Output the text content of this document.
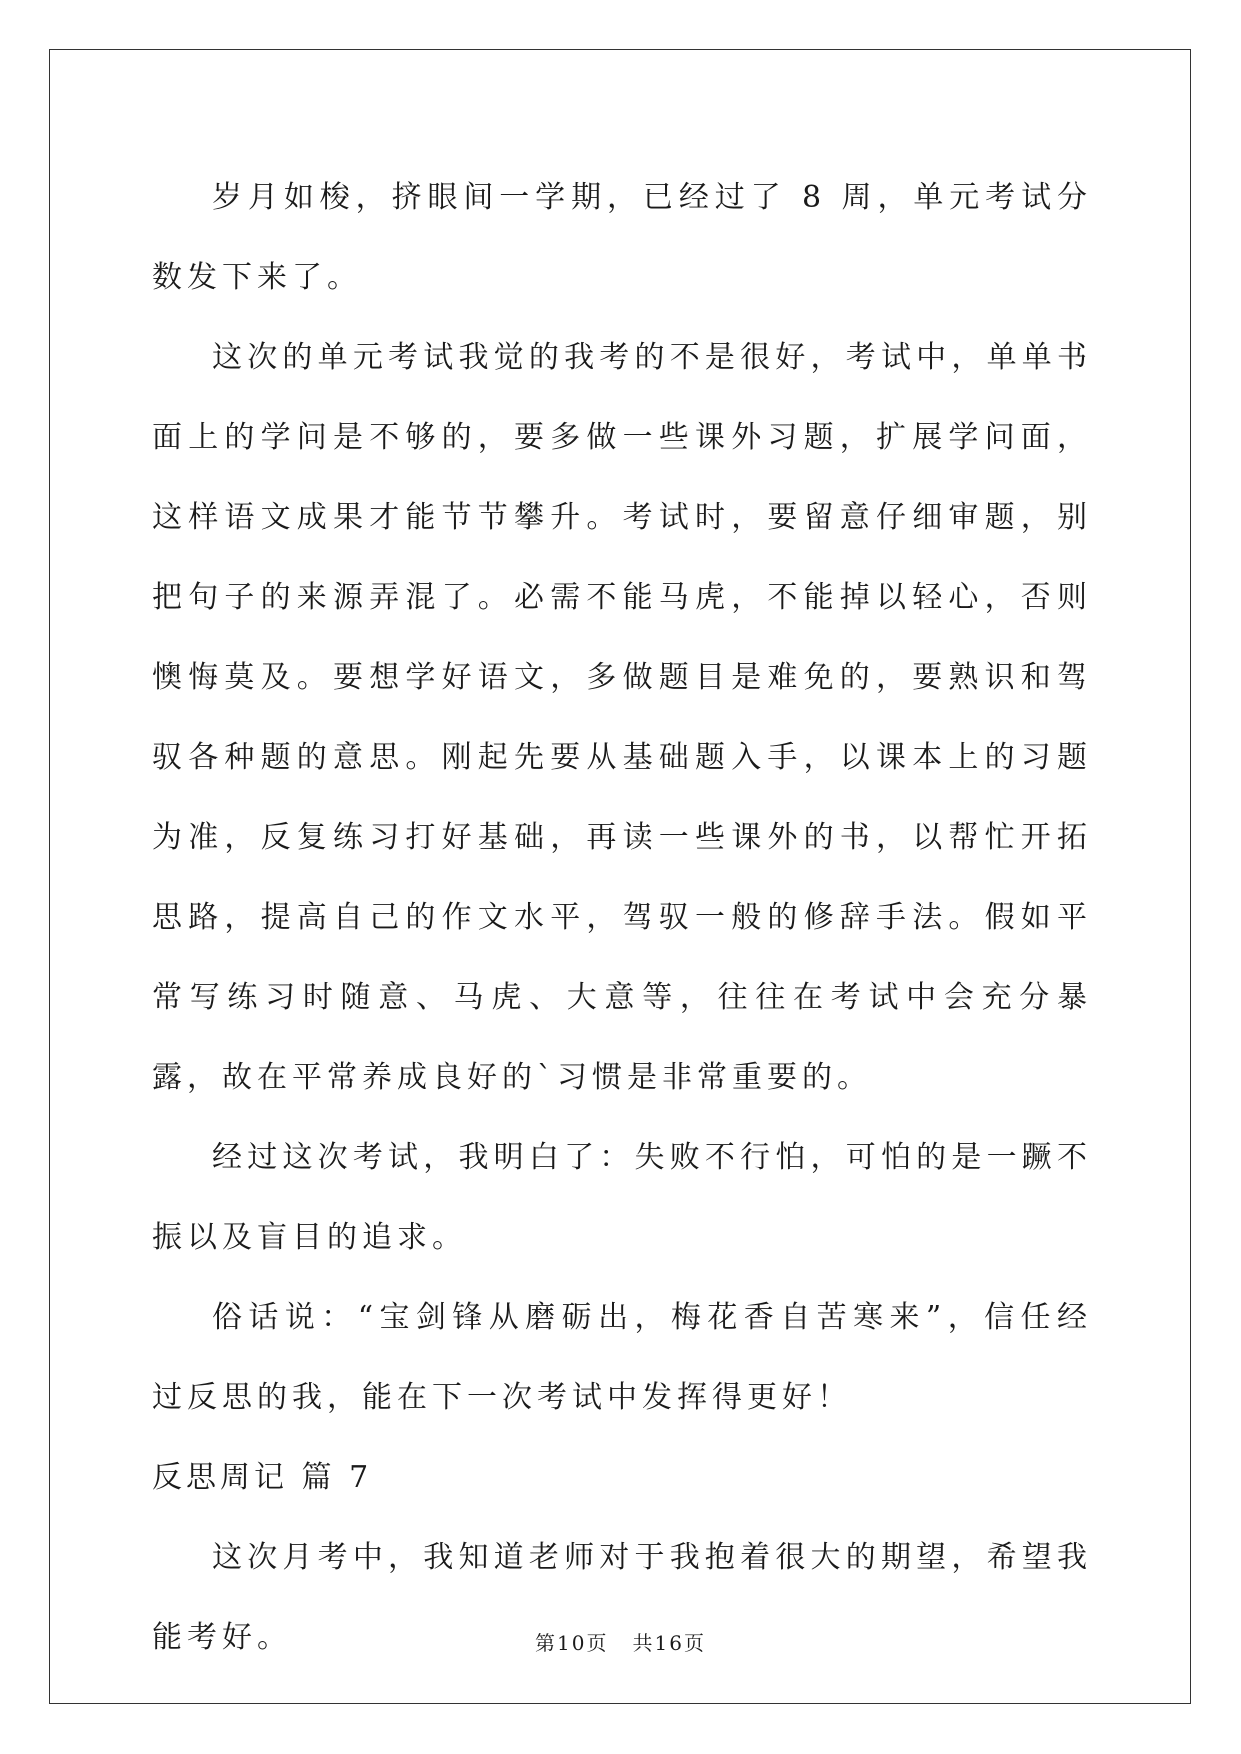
岁月如梭，挤眼间一学期，已经过了 8 周，单元考试分数发下来了。

这次的单元考试我觉的我考的不是很好，考试中，单单书面上的学问是不够的，要多做一些课外习题，扩展学问面，这样语文成果才能节节攀升。考试时，要留意仔细审题，别把句子的来源弄混了。必需不能马虎，不能掉以轻心，否则懊悔莫及。要想学好语文，多做题目是难免的，要熟识和驾驭各种题的意思。刚起先要从基础题入手，以课本上的习题为准，反复练习打好基础，再读一些课外的书，以帮忙开拓思路，提高自己的作文水平，驾驭一般的修辞手法。假如平常写练习时随意、马虎、大意等，往往在考试中会充分暴露，故在平常养成良好的`习惯是非常重要的。

经过这次考试，我明白了：失败不行怕，可怕的是一蹶不振以及盲目的追求。

俗话说：“宝剑锋从磨砺出，梅花香自苦寒来”，信任经过反思的我，能在下一次考试中发挥得更好！

反思周记 篇 7

这次月考中，我知道老师对于我抱着很大的期望，希望我能考好。	第10页 共16页
